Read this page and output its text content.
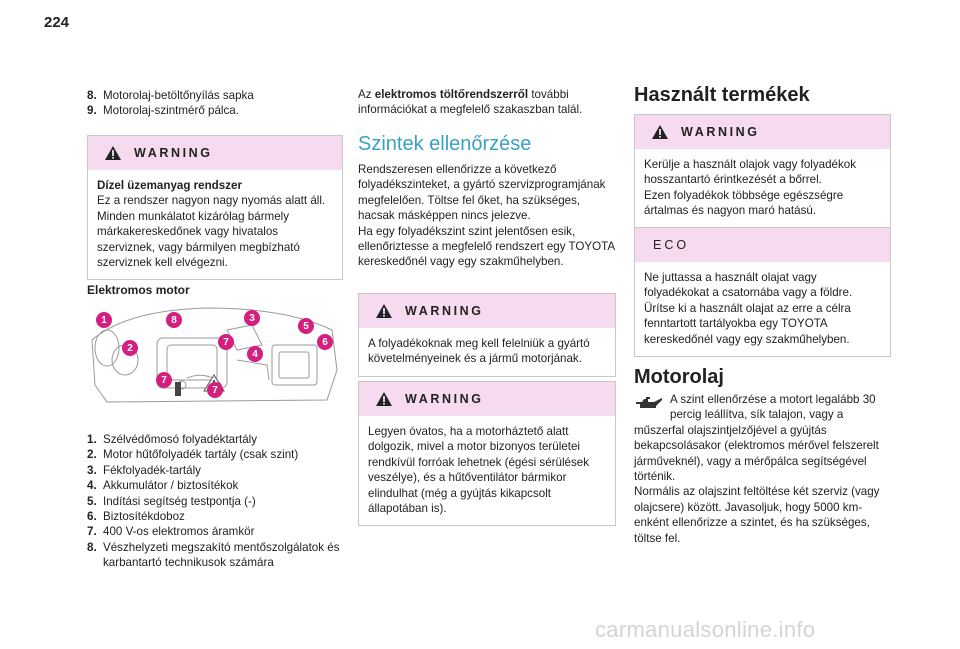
224
8. Motorolaj-betöltőnyílás sapka
9. Motorolaj-szintmérő pálca.
WARNING
Dízel üzemanyag rendszer
Ez a rendszer nagyon nagy nyomás alatt áll. Minden munkálatot kizárólag bármely márkakereskedőnek vagy hivatalos szerviznek, vagy bármilyen megbízható szerviznek kell elvégezni.
Elektromos motor
1	8	3
5
6
2
7
4
7
7
1. Szélvédőmosó folyadéktartály
2. Motor hűtőfolyadék tartály (csak szint)
3. Fékfolyadék-tartály
4. Akkumulátor / biztosítékok
5. Indítási segítség testpontja (-)
6. Biztosítékdoboz
7. 400 V-os elektromos áramkör
8. Vészhelyzeti megszakító mentőszolgálatok és karbantartó technikusok számára
Az elektromos töltőrendszerről további információkat a megfelelő szakaszban talál.
Szintek ellenőrzése
Rendszeresen ellenőrizze a következő folyadékszinteket, a gyártó szervizprogramjának megfelelően. Töltse fel őket, ha szükséges, hacsak másképpen nincs jelezve.
Ha egy folyadékszint szint jelentősen esik, ellenőriztesse a megfelelő rendszert egy TOYOTA kereskedőnél vagy egy szakműhelyben.
WARNING
A folyadékoknak meg kell felelniük a gyártó követelményeinek és a jármű motorjának.
WARNING
Legyen óvatos, ha a motorháztető alatt dolgozik, mivel a motor bizonyos területei rendkívül forróak lehetnek (égési sérülések veszélye), és a hűtőventilátor bármikor elindulhat (még a gyújtás kikapcsolt állapotában is).
Használt termékek
WARNING
Kerülje a használt olajok vagy folyadékok hosszantartó érintkezését a bőrrel.
Ezen folyadékok többsége egészségre ártalmas és nagyon maró hatású.
ECO
Ne juttassa a használt olajat vagy folyadékokat a csatornába vagy a földre.
Ürítse ki a használt olajat az erre a célra fenntartott tartályokba egy TOYOTA kereskedőnél vagy egy szakműhelyben.
Motorolaj
A szint ellenőrzése a motort legalább 30 percig leállítva, sík talajon, vagy a
műszerfal olajszintjelzőjével a gyújtás bekapcsolásakor (elektromos mérővel felszerelt járműveknél), vagy a mérőpálca segítségével történik.
Normális az olajszint feltöltése két szerviz (vagy olajcsere) között. Javasoljuk, hogy 5000 km-enként ellenőrizze a szintet, és ha szükséges, töltse fel.
carmanualsonline.info
